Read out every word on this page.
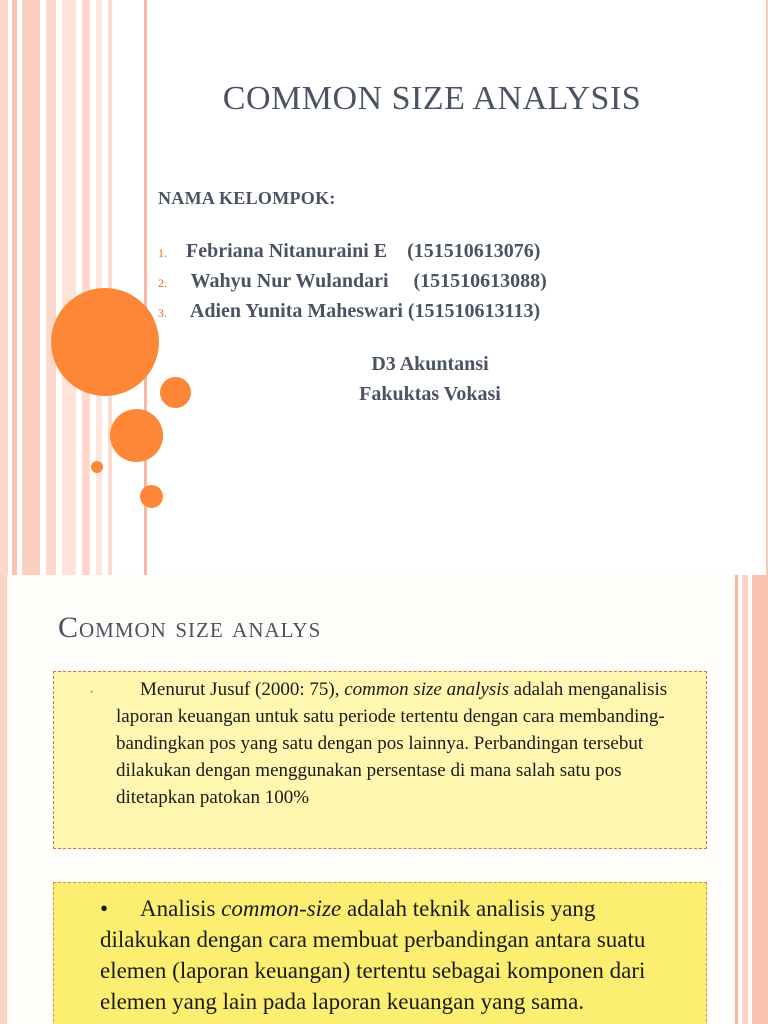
COMMON SIZE ANALYSIS
NAMA KELOMPOK:
1. Febriana Nitanuraini E    (151510613076)
2. Wahyu Nur Wulandari     (151510613088)
3. Adien Yunita Maheswari (151510613113)
D3 Akuntansi
Fakuktas Vokasi
Common size analys
•	Menurut Jusuf (2000: 75), common size analysis adalah menganalisis laporan keuangan untuk satu periode tertentu dengan cara membanding-bandingkan pos yang satu dengan pos lainnya. Perbandingan tersebut dilakukan dengan menggunakan persentase di mana salah satu pos ditetapkan patokan 100%
• Analisis common-size adalah teknik analisis yang dilakukan dengan cara membuat perbandingan antara suatu elemen (laporan keuangan) tertentu sebagai komponen dari elemen yang lain pada laporan keuangan yang sama.
